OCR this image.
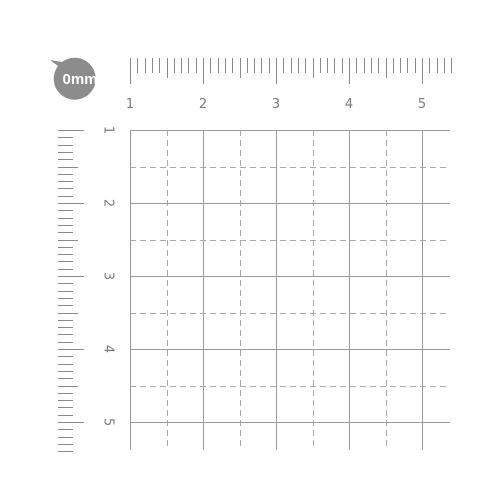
0mm
1	2	3	4	5
1
2
3
4
5
